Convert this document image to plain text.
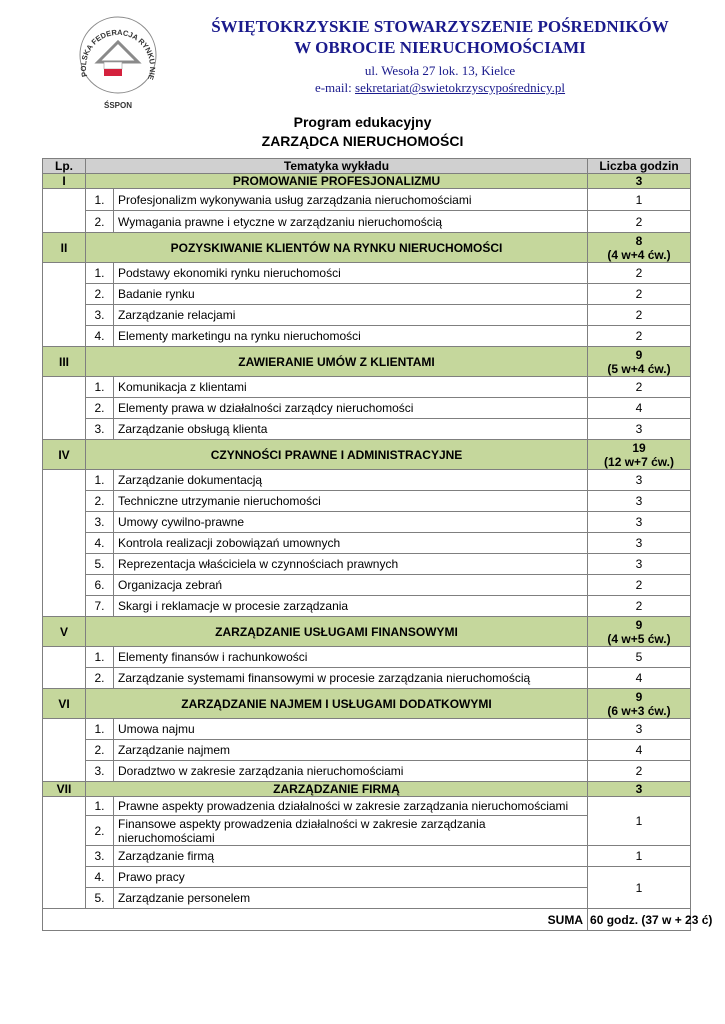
POLSKA FEDERACJA RYNKU NIE
ŚSPON
ŚWIĘTOKRZYSKIE STOWARZYSZENIE POŚREDNIKÓW
W OBROCIE NIERUCHOMOŚCIAMI
ul. Wesoła 27 lok. 13, Kielce
e-mail: sekretariat@swietokrzyscypośrednicy.pl
Program edukacyjny
ZARZĄDCA NIERUCHOMOŚCI
Lp.	Tematyka wykładu		Liczba godzin
I	PROMOWANIE PROFESJONALIZMU		3
	1.	Profesjonalizm wykonywania usług zarządzania nieruchomościami	1
	2.	Wymagania prawne i etyczne w zarządzaniu nieruchomością	2
II	POZYSKIWANIE KLIENTÓW NA RYNKU NIERUCHOMOŚCI		8
(4 w+4 ćw.)

	1.	Podstawy ekonomiki rynku nieruchomości	2
	2.	Badanie rynku	2
	3.	Zarządzanie relacjami	2
	4.	Elementy marketingu na rynku nieruchomości	2
III	ZAWIERANIE UMÓW Z KLIENTAMI		9
(5 w+4 ćw.)

	1.	Komunikacja z klientami	2
	2.	Elementy prawa w działalności zarządcy nieruchomości	4
	3.	Zarządzanie obsługą klienta	3
IV	CZYNNOŚCI PRAWNE I ADMINISTRACYJNE		19
(12 w+7 ćw.)

	1.	Zarządzanie dokumentacją	3
	2.	Techniczne utrzymanie nieruchomości	3
	3.	Umowy cywilno-prawne	3
	4.	Kontrola realizacji zobowiązań umownych	3
	5.	Reprezentacja właściciela w czynnościach prawnych	3
	6.	Organizacja zebrań	2
	7.	Skargi i reklamacje w procesie zarządzania	2
V	ZARZĄDZANIE USŁUGAMI FINANSOWYMI		9
(4 w+5 ćw.)

	1.	Elementy finansów i rachunkowości	5
	2.	Zarządzanie systemami finansowymi w procesie zarządzania nieruchomością	4
VI	ZARZĄDZANIE NAJMEM I USŁUGAMI DODATKOWYMI		9
(6 w+3 ćw.)

	1.	Umowa najmu	3
	2.	Zarządzanie najmem	4
	3.	Doradztwo w zakresie zarządzania nieruchomościami	2
VII	ZARZĄDZANIE FIRMĄ		3
	1.	Prawne aspekty prowadzenia działalności w zakresie zarządzania nieruchomościami	1
	2.	Finansowe aspekty prowadzenia działalności w zakresie zarządzania nieruchomościami	
	3.	Zarządzanie firmą	1
	4.	Prawo pracy	1
	5.	Zarządzanie personelem	
SUMA			60 godz. (37 w + 23 ć)
